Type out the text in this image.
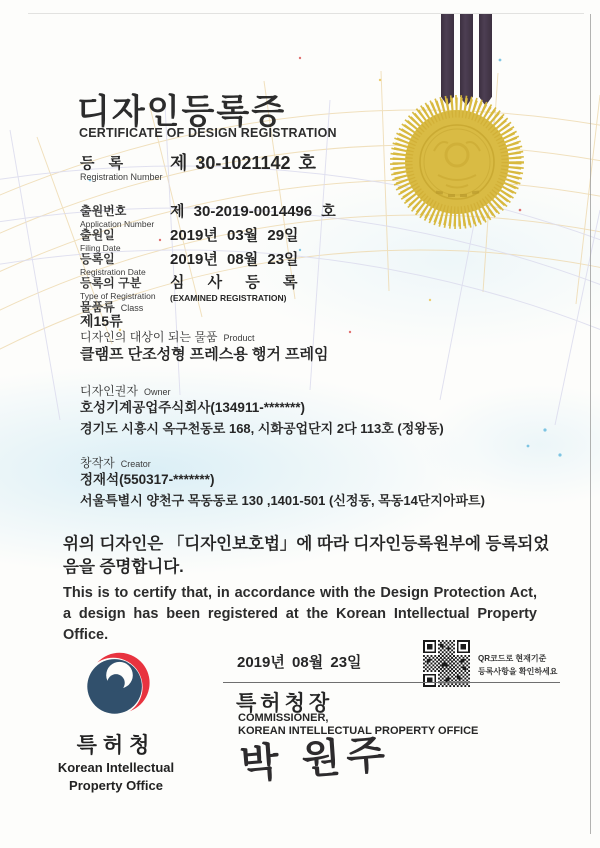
디자인등록증
CERTIFICATE OF DESIGN REGISTRATION
등 록
Registration Number
제 30-1021142 호
출원번호
Application Number
제 30-2019-0014496 호
출원일
Filing Date
2019년 03월 29일
등록일
Registration Date
2019년 08월 23일
등록의 구분
Type of Registration
심 사 등 록
(EXAMINED REGISTRATION)
물품류 Class
제15류
디자인의 대상이 되는 물품 Product
클램프 단조성형 프레스용 행거 프레임
디자인권자 Owner
호성기계공업주식회사(134911-*******)
경기도 시흥시 옥구천동로 168, 시화공업단지 2다 113호 (정왕동)
창작자 Creator
정재석(550317-*******)
서울특별시 양천구 목동동로 130 ,1401-501 (신정동, 목동14단지아파트)
위의 디자인은 「디자인보호법」에 따라 디자인등록원부에 등록되었음을 증명합니다.
This is to certify that, in accordance with the Design Protection Act, a design has been registered at the Korean Intellectual Property Office.
특허청
Korean Intellectual
Property Office
2019년 08월 23일	QR코드로 현재기준
등록사항을 확인하세요
특허청장
COMMISSIONER,
KOREAN INTELLECTUAL PROPERTY OFFICE
박 원주
